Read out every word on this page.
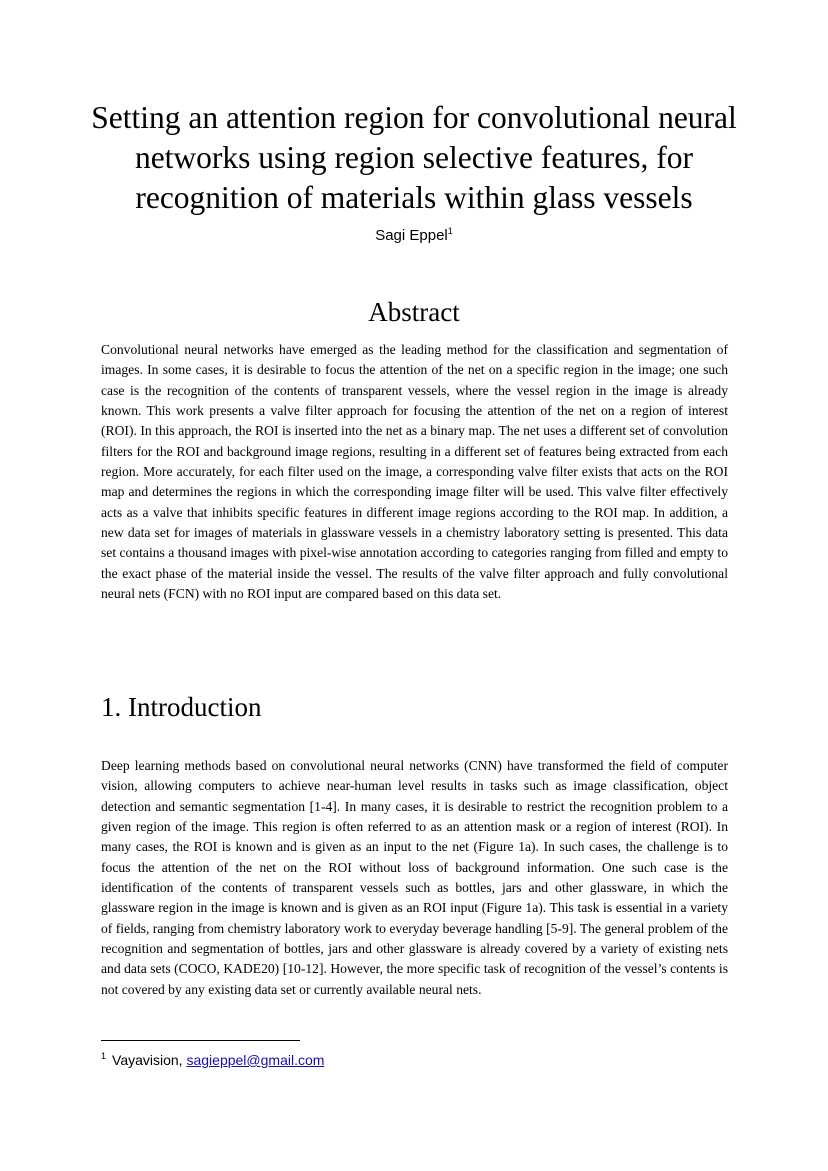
Setting an attention region for convolutional neural
networks using region selective features, for
recognition of materials within glass vessels
Sagi Eppel$^1$
Abstract

Convolutional neural networks have emerged as the leading method for the classification and segmentation of images. In some cases, it is desirable to focus the attention of the net on a specific region in the image; one such case is the recognition of the contents of transparent vessels, where the vessel region in the image is already known. This work presents a valve filter approach for focusing the attention of the net on a region of interest (ROI). In this approach, the ROI is inserted into the net as a binary map. The net uses a different set of convolution filters for the ROI and background image regions, resulting in a different set of features being extracted from each region. More accurately, for each filter used on the image, a corresponding valve filter exists that acts on the ROI map and determines the regions in which the corresponding image filter will be used. This valve filter effectively acts as a valve that inhibits specific features in different image regions according to the ROI map. In addition, a new data set for images of materials in glassware vessels in a chemistry laboratory setting is presented. This data set contains a thousand images with pixel-wise annotation according to categories ranging from filled and empty to the exact phase of the material inside the vessel. The results of the valve filter approach and fully convolutional neural nets (FCN) with no ROI input are compared based on this data set.

1. Introduction

Deep learning methods based on convolutional neural networks (CNN) have transformed the field of computer vision, allowing computers to achieve near-human level results in tasks such as image classification, object detection and semantic segmentation [1-4]. In many cases, it is desirable to restrict the recognition problem to a given region of the image. This region is often referred to as an attention mask or a region of interest (ROI). In many cases, the ROI is known and is given as an input to the net (Figure 1a). In such cases, the challenge is to focus the attention of the net on the ROI without loss of background information. One such case is the identification of the contents of transparent vessels such as bottles, jars and other glassware, in which the glassware region in the image is known and is given as an ROI input (Figure 1a). This task is essential in a variety of fields, ranging from chemistry laboratory work to everyday beverage handling [5-9]. The general problem of the recognition and segmentation of bottles, jars and other glassware is already covered by a variety of existing nets and data sets (COCO, KADE20) [10-12]. However, the more specific task of recognition of the vessel’s contents is not covered by any existing data set or currently available neural nets.

$^1$ Vayavision, sagieppel@gmail.com
